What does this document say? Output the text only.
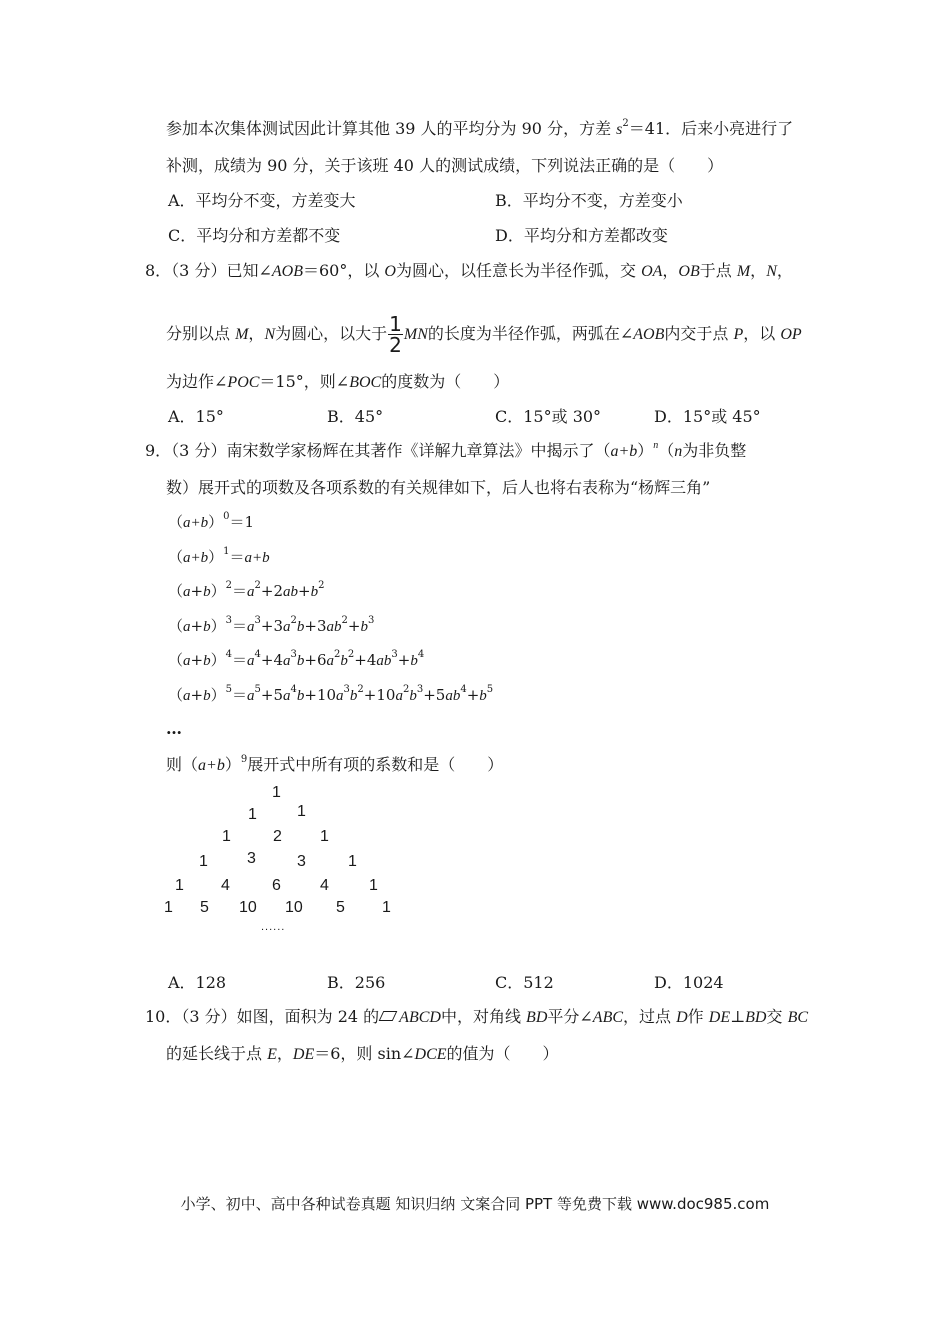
参加本次集体测试因此计算其他 39 人的平均分为 90 分，方差 $s^2=41$．后来小亮进行了
补测，成绩为 90 分，关于该班 40 人的测试成绩，下列说法正确的是（　　）
A．平均分不变，方差变大	B．平均分不变，方差变小
C．平均分和方差都不变	D．平均分和方差都改变
8．（3 分）已知∠AOB＝60°，以 O为圆心，以任意长为半径作弧，交 OA，OB于点 M，N，
分别以点 M，N为圆心，以大于 $\frac{1}{2}$ MN的长度为半径作弧，两弧在∠AOB内交于点 P，以 OP
为边作∠POC＝15°，则∠BOC的度数为（　　）
A．15°	B．45°	C．15°或 30°	D．15°或 45°
9．（3 分）南宋数学家杨辉在其著作《详解九章算法》中揭示了$(a+b)^n(n$为非负整
数）展开式的项数及各项系数的有关规律如下，后人也将右表称为“杨辉三角”
$(a+b)^0=1$
$(a+b)^1=a+b$
$(a+b)^2=a^2+2ab+b^2$
$(a+b)^3=a^3+3a^2b+3ab^2+b^3$
$(a+b)^4=a^4+4a^3b+6a^2b^2+4ab^3+b^4$
$(a+b)^5=a^5+5a^4b+10a^3b^2+10a^2b^3+5ab^4+b^5$
…
则$(a+b)^9$展开式中所有项的系数和是（　　）
1
1	1
1	2 1
1 3	3	1
1 4	6 4	1
1 5 10 10 5 1
......
A．128	B．256	C．512	D．1024
10．（3 分）如图，面积为 24 的 ABCD中，对角线 BD平分∠ABC，过点 D作 DE⊥BD交 BC
的延长线于点 E，DE＝6，则 sin∠DCE的值为（　　）
小学、初中、高中各种试卷真题 知识归纳 文案合同 PPT 等免费下载 www.doc985.com
